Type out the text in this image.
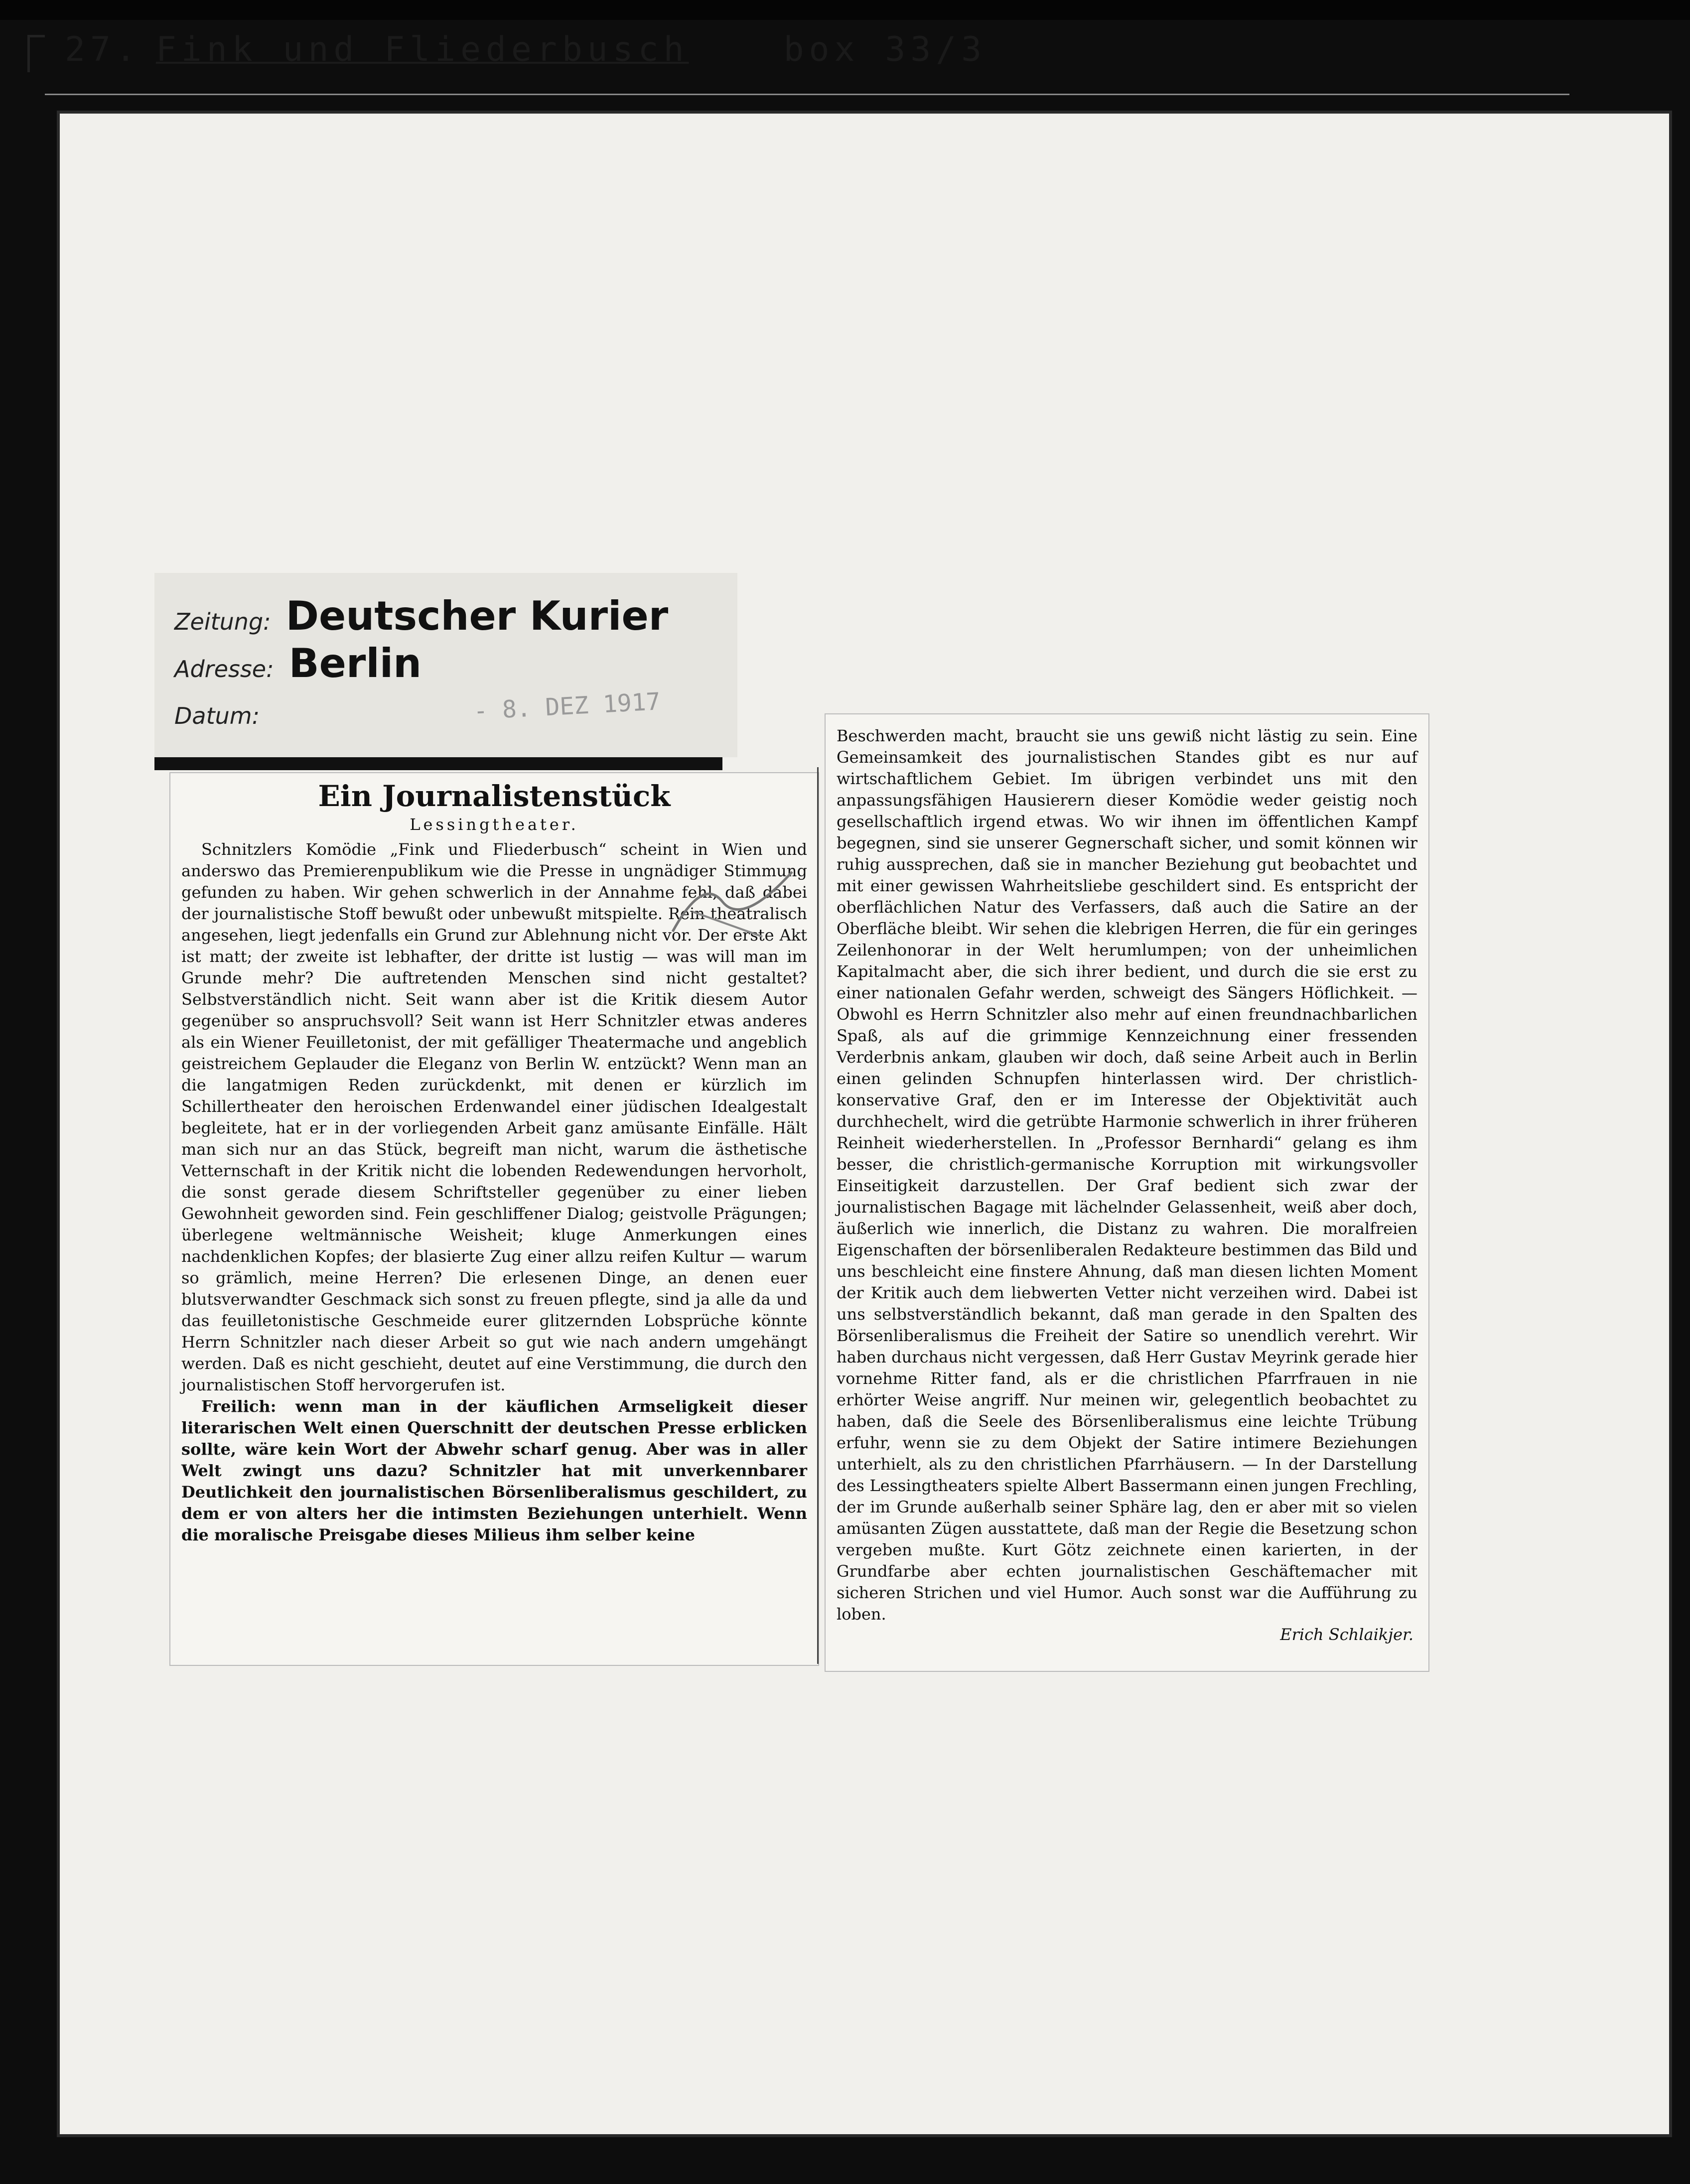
27. Fink und Fliederbusch	box 33/3
Zeitung: Deutscher Kurier
Adresse: Berlin
Datum:	- 8. DEZ 1917
Ein Journalistenstück
Lessingtheater.

Schnitzlers Komödie „Fink und Fliederbusch“ scheint in Wien und anderswo das Premierenpublikum wie die Presse in ungnädiger Stimmung gefunden zu haben. Wir gehen schwerlich in der Annahme fehl, daß dabei der journalistische Stoff bewußt oder unbewußt mitspielte. Rein theatralisch angesehen, liegt jedenfalls ein Grund zur Ablehnung nicht vor. Der erste Akt ist matt; der zweite ist lebhafter, der dritte ist lustig — was will man im Grunde mehr? Die auftretenden Menschen sind nicht gestaltet? Selbstverständlich nicht. Seit wann aber ist die Kritik diesem Autor gegenüber so anspruchsvoll? Seit wann ist Herr Schnitzler etwas anderes als ein Wiener Feuilletonist, der mit gefälliger Theatermache und angeblich geistreichem Geplauder die Eleganz von Berlin W. entzückt? Wenn man an die langatmigen Reden zurückdenkt, mit denen er kürzlich im Schillertheater den heroischen Erdenwandel einer jüdischen Idealgestalt begleitete, hat er in der vorliegenden Arbeit ganz amüsante Einfälle. Hält man sich nur an das Stück, begreift man nicht, warum die ästhetische Vetternschaft in der Kritik nicht die lobenden Redewendungen hervorholt, die sonst gerade diesem Schriftsteller gegenüber zu einer lieben Gewohnheit geworden sind. Fein geschliffener Dialog; geistvolle Prägungen; überlegene weltmännische Weisheit; kluge Anmerkungen eines nachdenklichen Kopfes; der blasierte Zug einer allzu reifen Kultur — warum so grämlich, meine Herren? Die erlesenen Dinge, an denen euer blutsverwandter Geschmack sich sonst zu freuen pflegte, sind ja alle da und das feuilletonistische Geschmeide eurer glitzernden Lobsprüche könnte Herrn Schnitzler nach dieser Arbeit so gut wie nach andern umgehängt werden. Daß es nicht geschieht, deutet auf eine Verstimmung, die durch den journalistischen Stoff hervorgerufen ist.

Freilich: wenn man in der käuflichen Armseligkeit dieser literarischen Welt einen Querschnitt der deutschen Presse erblicken sollte, wäre kein Wort der Abwehr scharf genug. Aber was in aller Welt zwingt uns dazu? Schnitzler hat mit unverkennbarer Deutlichkeit den journalistischen Börsenliberalismus geschildert, zu dem er von alters her die intimsten Beziehungen unterhielt. Wenn die moralische Preisgabe dieses Milieus ihm selber keine

Beschwerden macht, braucht sie uns gewiß nicht lästig zu sein. Eine Gemeinsamkeit des journalistischen Standes gibt es nur auf wirtschaftlichem Gebiet. Im übrigen verbindet uns mit den anpassungsfähigen Hausierern dieser Komödie weder geistig noch gesellschaftlich irgend etwas. Wo wir ihnen im öffentlichen Kampf begegnen, sind sie unserer Gegnerschaft sicher, und somit können wir ruhig aussprechen, daß sie in mancher Beziehung gut beobachtet und mit einer gewissen Wahrheitsliebe geschildert sind. Es entspricht der oberflächlichen Natur des Verfassers, daß auch die Satire an der Oberfläche bleibt. Wir sehen die klebrigen Herren, die für ein geringes Zeilenhonorar in der Welt herumlumpen; von der unheimlichen Kapitalmacht aber, die sich ihrer bedient, und durch die sie erst zu einer nationalen Gefahr werden, schweigt des Sängers Höflichkeit. — Obwohl es Herrn Schnitzler also mehr auf einen freundnachbarlichen Spaß, als auf die grimmige Kennzeichnung einer fressenden Verderbnis ankam, glauben wir doch, daß seine Arbeit auch in Berlin einen gelinden Schnupfen hinterlassen wird. Der christlich-konservative Graf, den er im Interesse der Objektivität auch durchhechelt, wird die getrübte Harmonie schwerlich in ihrer früheren Reinheit wiederherstellen. In „Professor Bernhardi“ gelang es ihm besser, die christlich-germanische Korruption mit wirkungsvoller Einseitigkeit darzustellen. Der Graf bedient sich zwar der journalistischen Bagage mit lächelnder Gelassenheit, weiß aber doch, äußerlich wie innerlich, die Distanz zu wahren. Die moralfreien Eigenschaften der börsenliberalen Redakteure bestimmen das Bild und uns beschleicht eine finstere Ahnung, daß man diesen lichten Moment der Kritik auch dem liebwerten Vetter nicht verzeihen wird. Dabei ist uns selbstverständlich bekannt, daß man gerade in den Spalten des Börsenliberalismus die Freiheit der Satire so unendlich verehrt. Wir haben durchaus nicht vergessen, daß Herr Gustav Meyrink gerade hier vornehme Ritter fand, als er die christlichen Pfarrfrauen in nie erhörter Weise angriff. Nur meinen wir, gelegentlich beobachtet zu haben, daß die Seele des Börsenliberalismus eine leichte Trübung erfuhr, wenn sie zu dem Objekt der Satire intimere Beziehungen unterhielt, als zu den christlichen Pfarrhäusern. — In der Darstellung des Lessingtheaters spielte Albert Bassermann einen jungen Frechling, der im Grunde außerhalb seiner Sphäre lag, den er aber mit so vielen amüsanten Zügen ausstattete, daß man der Regie die Besetzung schon vergeben mußte. Kurt Götz zeichnete einen karierten, in der Grundfarbe aber echten journalistischen Geschäftemacher mit sicheren Strichen und viel Humor. Auch sonst war die Aufführung zu loben.

Erich Schlaikjer.
